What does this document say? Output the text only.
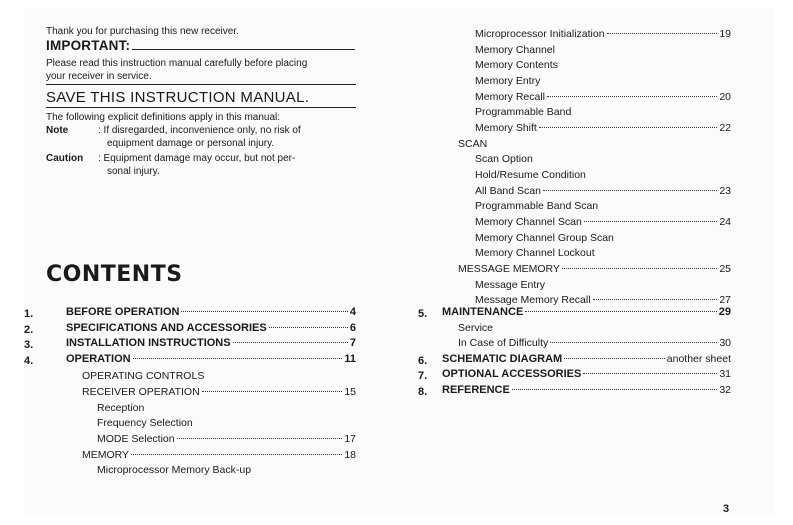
Thank you for purchasing this new receiver.
IMPORTANT:
Please read this instruction manual carefully before placing
your receiver in service.
SAVE THIS INSTRUCTION MANUAL.
The following explicit definitions apply in this manual:
Note	: If disregarded, inconvenience only, no risk of
equipment damage or personal injury.
Caution : Equipment damage may occur, but not per-
sonal injury.
CONTENTS
1.	BEFORE OPERATION	4
2.	SPECIFICATIONS AND ACCESSORIES	6
3.	INSTALLATION INSTRUCTIONS	7
4.	OPERATION	11
OPERATING CONTROLS
RECEIVER OPERATION	15
Reception
Frequency Selection
MODE Selection	17
MEMORY	18
Microprocessor Memory Back-up
Microprocessor Initialization	19
Memory Channel
Memory Contents
Memory Entry
Memory Recall	20
Programmable Band
Memory Shift	22
SCAN
Scan Option
Hold/Resume Condition
All Band Scan	23
Programmable Band Scan
Memory Channel Scan	24
Memory Channel Group Scan
Memory Channel Lockout
MESSAGE MEMORY	25
Message Entry
Message Memory Recall	27
5. MAINTENANCE	29
Service
In Case of Difficulty	30
6. SCHEMATIC DIAGRAM	another sheet
7. OPTIONAL ACCESSORIES	31
8. REFERENCE	32
3
